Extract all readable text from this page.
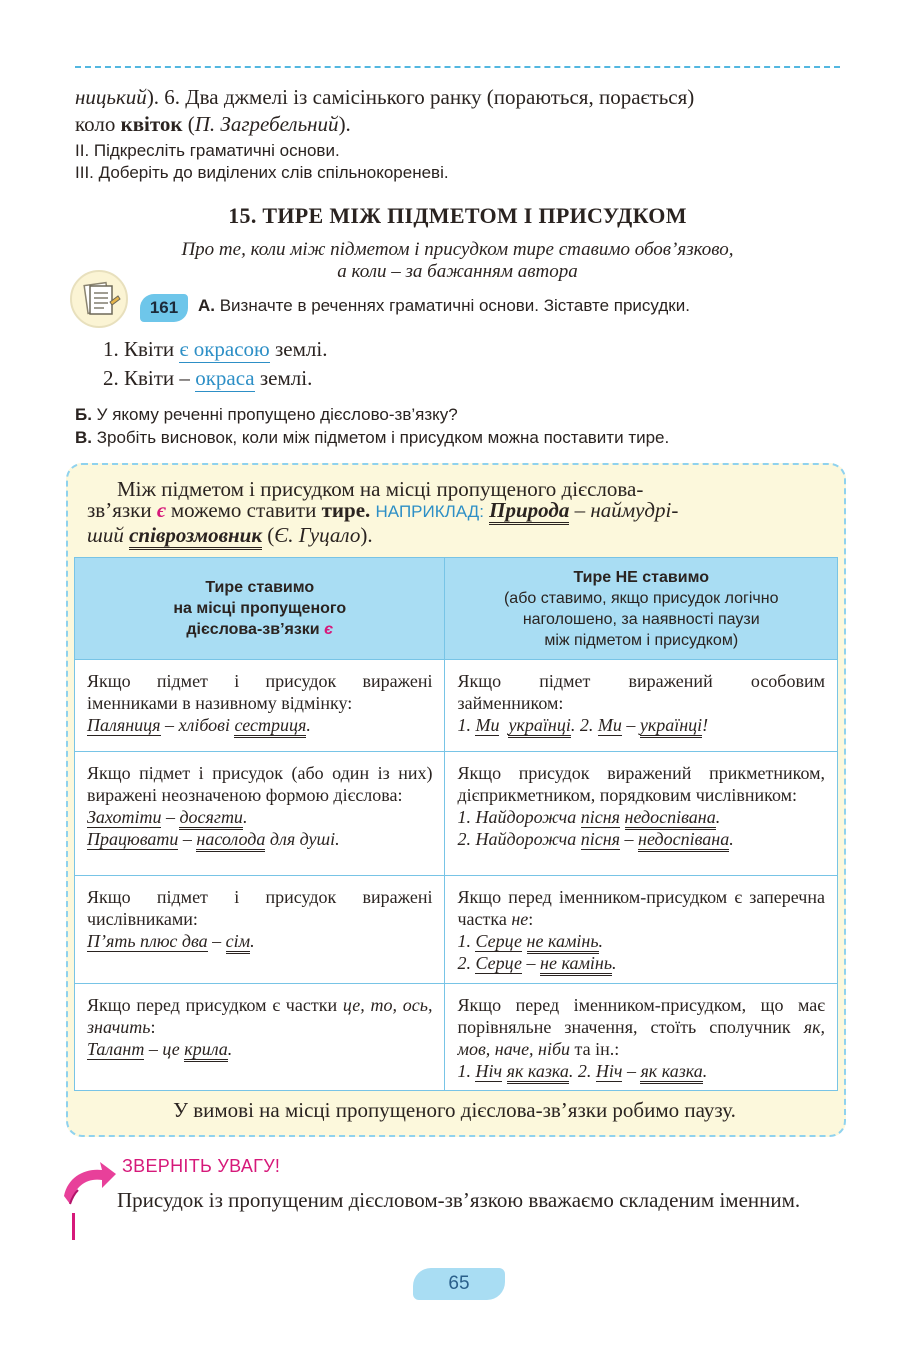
ницький). 6. Два джмелі із самісінького ранку (пораються, порається)
коло квіток (П. Загребельний).
ІІ. Підкресліть граматичні основи.
ІІІ. Доберіть до виділених слів спільнокореневі.
15. ТИРЕ МІЖ ПІДМЕТОМ І ПРИСУДКОМ
Про те, коли між підметом і присудком тире ставимо обов’язково,
а коли – за бажанням автора
161	А. Визначте в реченнях граматичні основи. Зіставте присудки.
1. Квіти є окрасою землі.
2. Квіти – окраса землі.
Б. У якому реченні пропущено дієслово-зв’язку?
В. Зробіть висновок, коли між підметом і присудком можна поставити тире.
Між підметом і присудком на місці пропущеного дієслова-
зв’язки є можемо ставити тире. НАПРИКЛАД: Природа – наймудрі-
ший співрозмовник (Є. Гуцало).
Тире ставимо
на місці пропущеного
дієслова-зв’язки є	Тире НЕ ставимо
(або ставимо, якщо присудок логічно
наголошено, за наявності паузи
між підметом і присудком)

Якщо підмет і присудок виражені іменниками в називному відмінку:
Паляниця – хлібові сестриця.	Якщо підмет виражений особовим займенником:
1. Ми українці. 2. Ми – українці!

Якщо підмет і присудок (або один із них) виражені неозначеною формою дієслова:
Захотіти – досягти.
Працювати – насолода для душі.	Якщо присудок виражений прикметником, дієприкметником, порядковим числівником:
1. Найдорожча пісня недоспівана.
2. Найдорожча пісня – недоспівана.

Якщо підмет і присудок виражені числівниками:
П’ять плюс два – сім.	Якщо перед іменником-присудком є заперечна частка не:
1. Серце не камінь.
2. Серце – не камінь.

Якщо перед присудком є частки це, то, ось, значить:
Талант – це крила.	Якщо перед іменником-присудком, що має порівняльне значення, стоїть сполучник як, мов, наче, ніби та ін.:
1. Ніч як казка. 2. Ніч – як казка.
У вимові на місці пропущеного дієслова-зв’язки робимо паузу.
ЗВЕРНІТЬ УВАГУ!
Присудок із пропущеним дієсловом-зв’язкою вважаємо складеним іменним.
65
